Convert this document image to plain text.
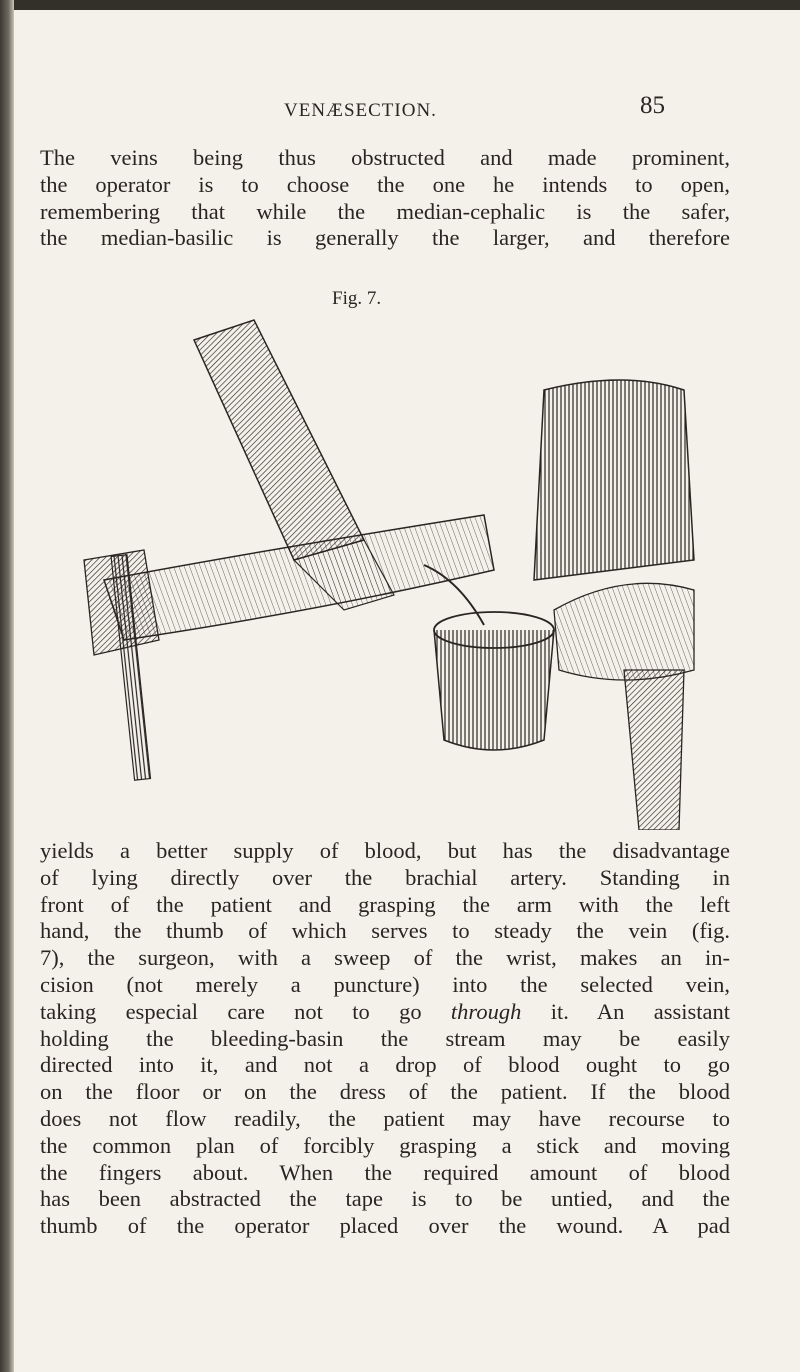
VENÆSECTION.	85

The veins being thus obstructed and made prominent,
the operator is to choose the one he intends to open,
remembering that while the median-cephalic is the safer,
the median-basilic is generally the larger, and therefore

Fig. 7.

yields a better supply of blood, but has the disadvantage
of lying directly over the brachial artery. Standing in
front of the patient and grasping the arm with the left
hand, the thumb of which serves to steady the vein (fig.
7), the surgeon, with a sweep of the wrist, makes an in-
cision (not merely a puncture) into the selected vein,
taking especial care not to go through it. An assistant
holding the bleeding-basin the stream may be easily
directed into it, and not a drop of blood ought to go
on the floor or on the dress of the patient. If the blood
does not flow readily, the patient may have recourse to
the common plan of forcibly grasping a stick and moving
the fingers about. When the required amount of blood
has been abstracted the tape is to be untied, and the
thumb of the operator placed over the wound. A pad
